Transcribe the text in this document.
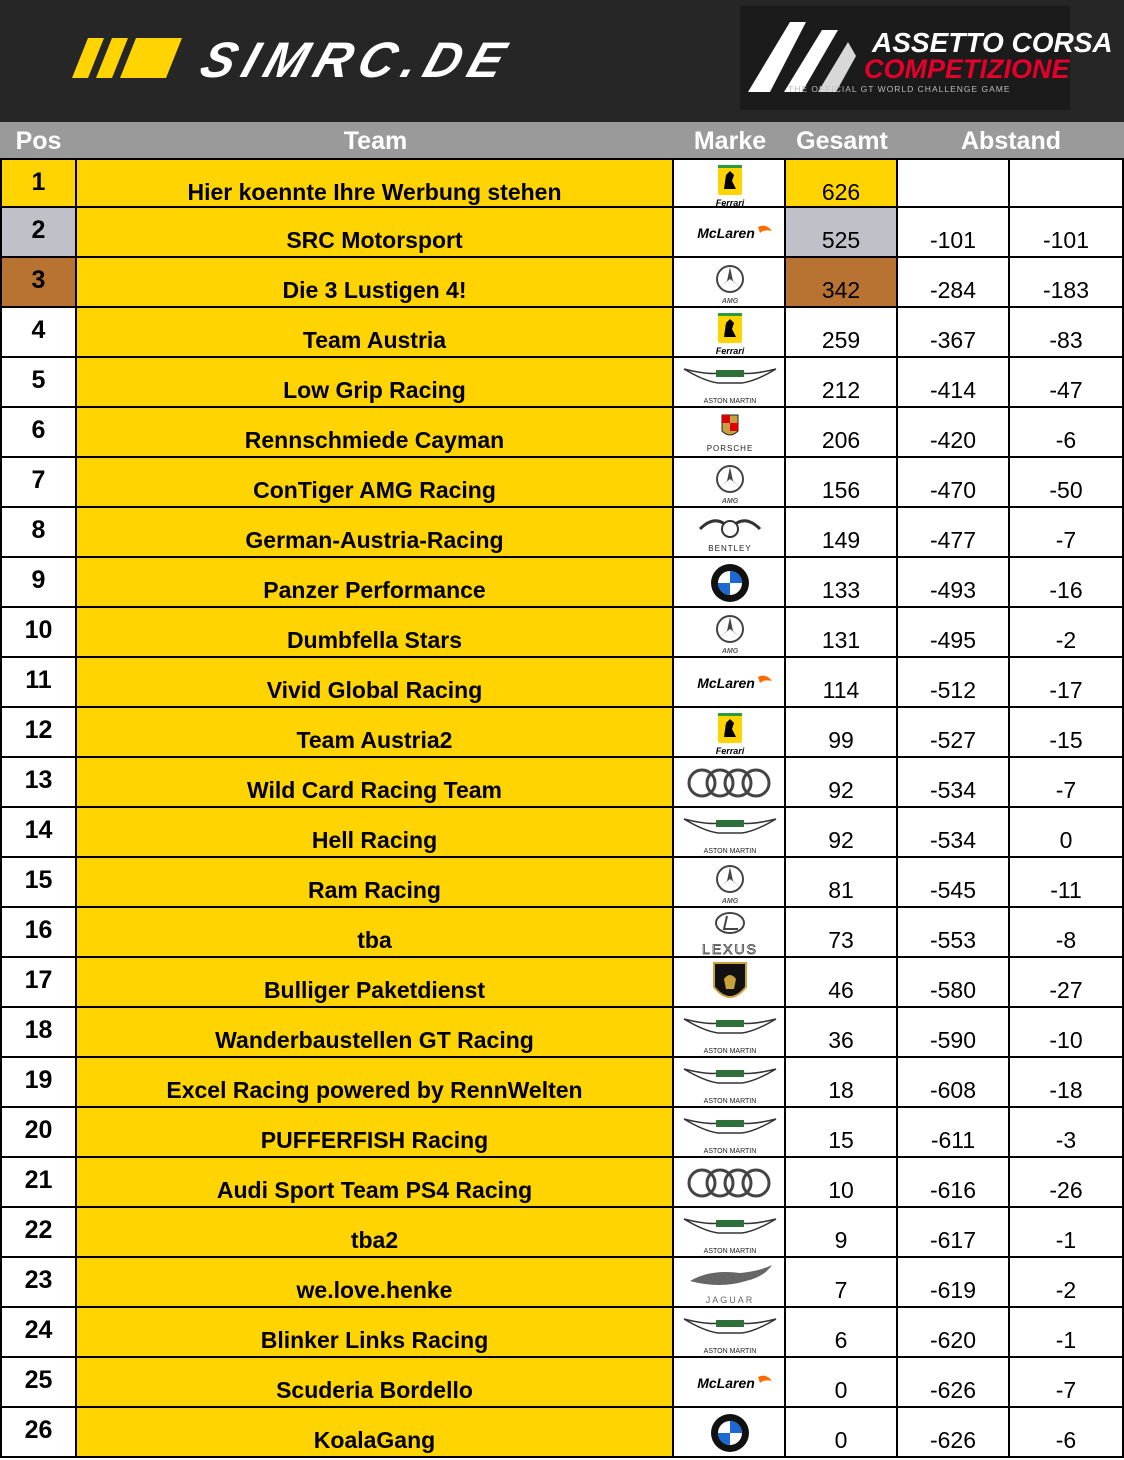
SIMRC.DE	ASSETTO CORSA
COMPETIZIONE
THE OFFICIAL GT WORLD CHALLENGE GAME
Pos	Team	Marke	Gesamt	Abstand
1	Hier koennte Ihre Werbung stehen	Ferrari	626
2	SRC Motorsport	McLaren	525	-101	-101
3	Die 3 Lustigen 4!	AMG	342	-284	-183
4	Team Austria	Ferrari	259	-367	-83
5	Low Grip Racing	ASTON MARTIN	212	-414	-47
6	Rennschmiede Cayman	PORSCHE	206	-420	-6
7	ConTiger AMG Racing	AMG	156	-470	-50
8	German-Austria-Racing	BENTLEY	149	-477	-7
9	Panzer Performance	133	-493	-16
10	Dumbfella Stars	AMG	131	-495	-2
11	Vivid Global Racing	McLaren	114	-512	-17
12	Team Austria2	Ferrari	99	-527	-15
13	Wild Card Racing Team	92	-534	-7
14	Hell Racing	ASTON MARTIN	92	-534	0
15	Ram Racing	AMG	81	-545	-11
16	tba	LEXUS	73	-553	-8
17	Bulliger Paketdienst	46	-580	-27
18	Wanderbaustellen GT Racing	ASTON MARTIN	36	-590	-10
19	Excel Racing powered by RennWelten	ASTON MARTIN	18	-608	-18
20	PUFFERFISH Racing	ASTON MARTIN	15	-611	-3
21	Audi Sport Team PS4 Racing	10	-616	-26
22	tba2	ASTON MARTIN	9	-617	-1
23	we.love.henke	JAGUAR	7	-619	-2
24	Blinker Links Racing	ASTON MARTIN	6	-620	-1
25	Scuderia Bordello	McLaren	0	-626	-7
26	KoalaGang	0	-626	-6
